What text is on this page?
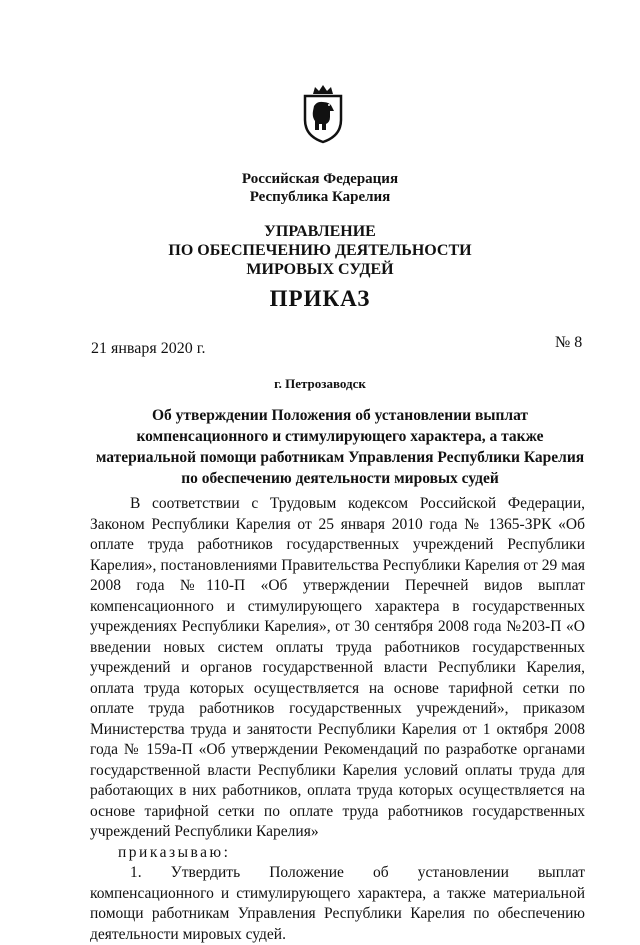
Российская Федерация
Республика Карелия
УПРАВЛЕНИЕ
ПО ОБЕСПЕЧЕНИЮ ДЕЯТЕЛЬНОСТИ
МИРОВЫХ СУДЕЙ
ПРИКАЗ
21 января 2020 г.	№ 8
г. Петрозаводск
Об утверждении Положения об установлении выплат компенсационного и стимулирующего характера, а также материальной помощи работникам Управления Республики Карелия по обеспечению деятельности мировых судей

В соответствии с Трудовым кодексом Российской Федерации, Законом Республики Карелия от 25 января 2010 года № 1365-ЗРК «Об оплате труда работников государственных учреждений Республики Карелия», постановлениями Правительства Республики Карелия от 29 мая 2008 года №110-П «Об утверждении Перечней видов выплат компенсационного и стимулирующего характера в государственных учреждениях Республики Карелия», от 30 сентября 2008 года №203-П «О введении новых систем оплаты труда работников государственных учреждений и органов государственной власти Республики Карелия, оплата труда которых осуществляется на основе тарифной сетки по оплате труда работников государственных учреждений», приказом Министерства труда и занятости Республики Карелия от 1 октября 2008 года № 159а-П «Об утверждении Рекомендаций по разработке органами государственной власти Республики Карелия условий оплаты труда для работающих в них работников, оплата труда которых осуществляется на основе тарифной сетки по оплате труда работников государственных учреждений Республики Карелия»

приказываю:

1. Утвердить Положение об установлении выплат компенсационного и стимулирующего характера, а также материальной помощи работникам Управления Республики Карелия по обеспечению деятельности мировых судей.
